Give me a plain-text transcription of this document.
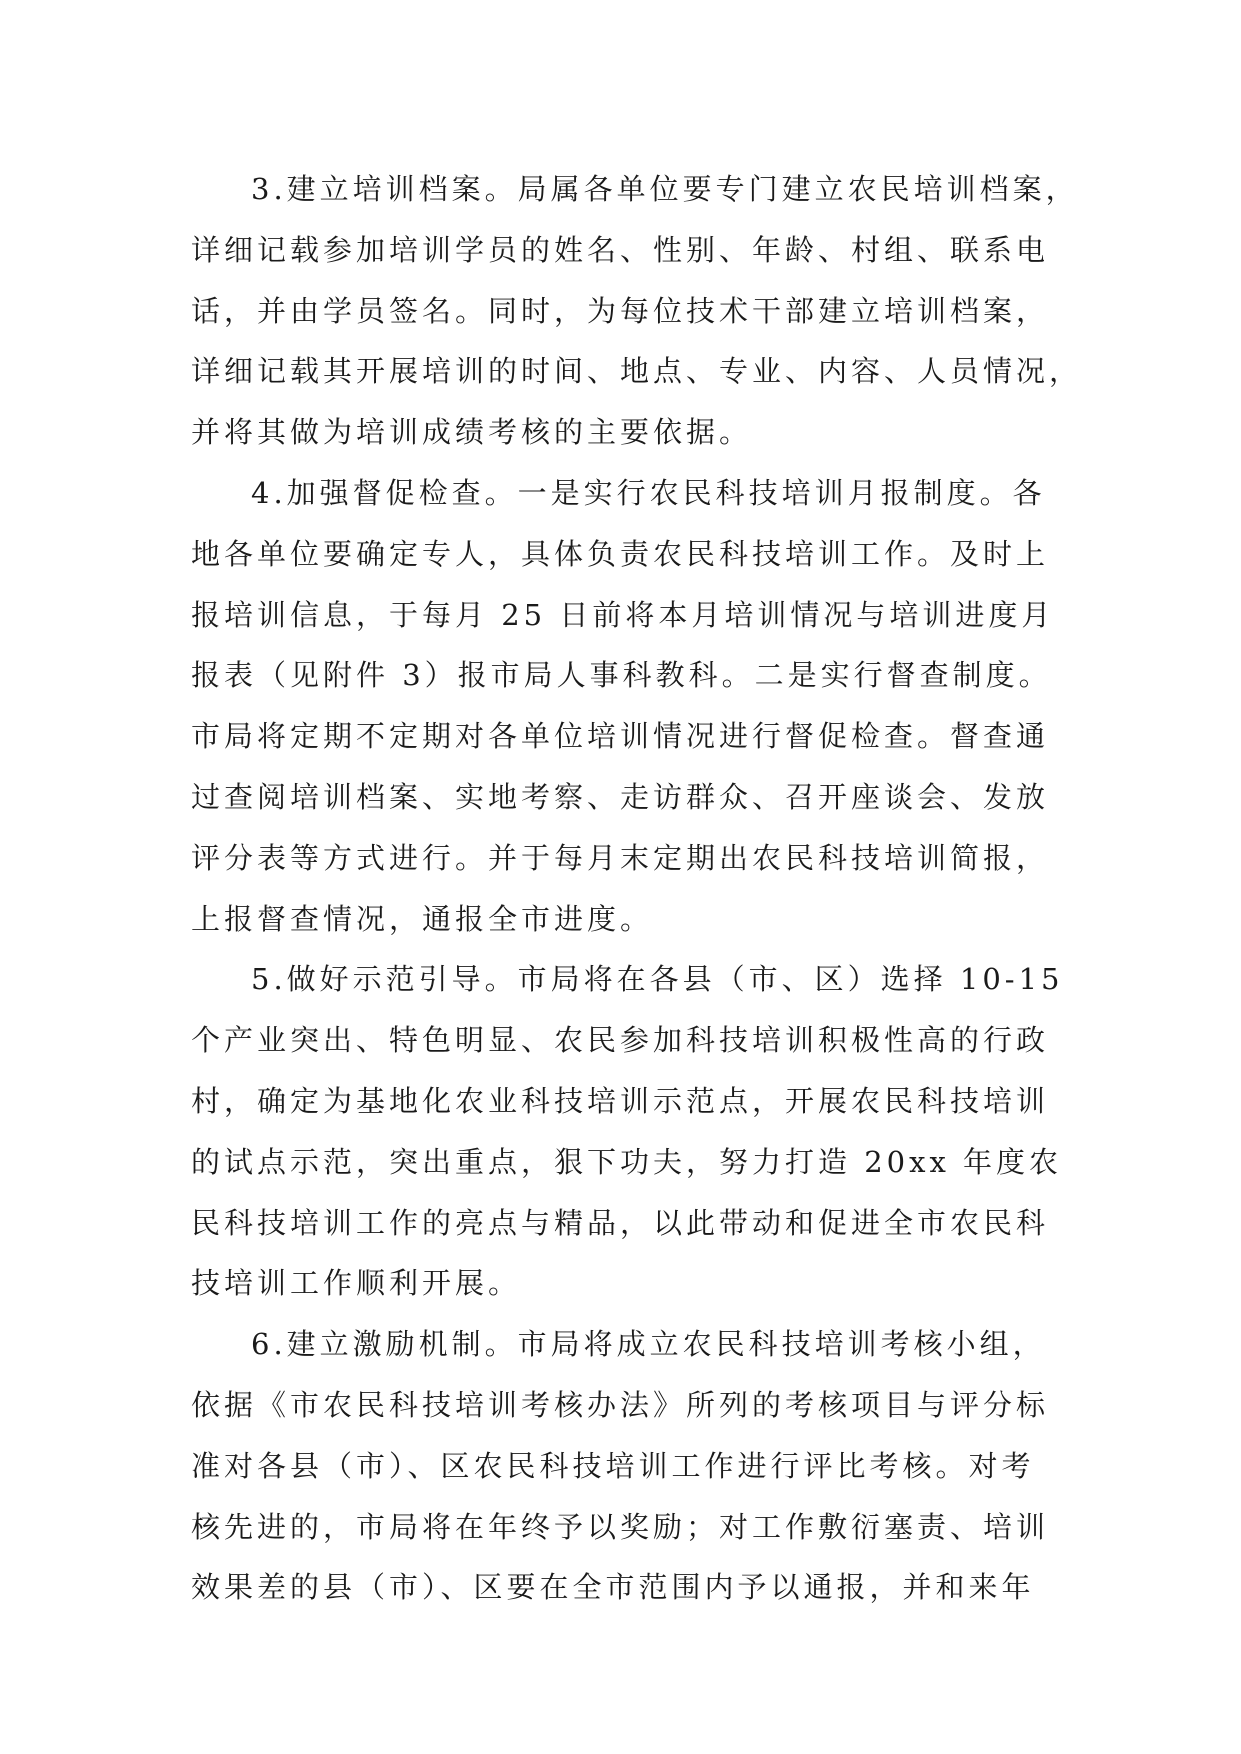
3.建立培训档案。局属各单位要专门建立农民培训档案，
详细记载参加培训学员的姓名、性别、年龄、村组、联系电
话，并由学员签名。同时，为每位技术干部建立培训档案，
详细记载其开展培训的时间、地点、专业、内容、人员情况，
并将其做为培训成绩考核的主要依据。
4.加强督促检查。一是实行农民科技培训月报制度。各
地各单位要确定专人，具体负责农民科技培训工作。及时上
报培训信息，于每月 25 日前将本月培训情况与培训进度月
报表（见附件 3）报市局人事科教科。二是实行督查制度。
市局将定期不定期对各单位培训情况进行督促检查。督查通
过查阅培训档案、实地考察、走访群众、召开座谈会、发放
评分表等方式进行。并于每月末定期出农民科技培训简报，
上报督查情况，通报全市进度。
5.做好示范引导。市局将在各县（市、区）选择 10-15
个产业突出、特色明显、农民参加科技培训积极性高的行政
村，确定为基地化农业科技培训示范点，开展农民科技培训
的试点示范，突出重点，狠下功夫，努力打造 20xx 年度农
民科技培训工作的亮点与精品，以此带动和促进全市农民科
技培训工作顺利开展。
6.建立激励机制。市局将成立农民科技培训考核小组，
依据《市农民科技培训考核办法》所列的考核项目与评分标
准对各县（市）、区农民科技培训工作进行评比考核。对考
核先进的，市局将在年终予以奖励；对工作敷衍塞责、培训
效果差的县（市）、区要在全市范围内予以通报，并和来年
